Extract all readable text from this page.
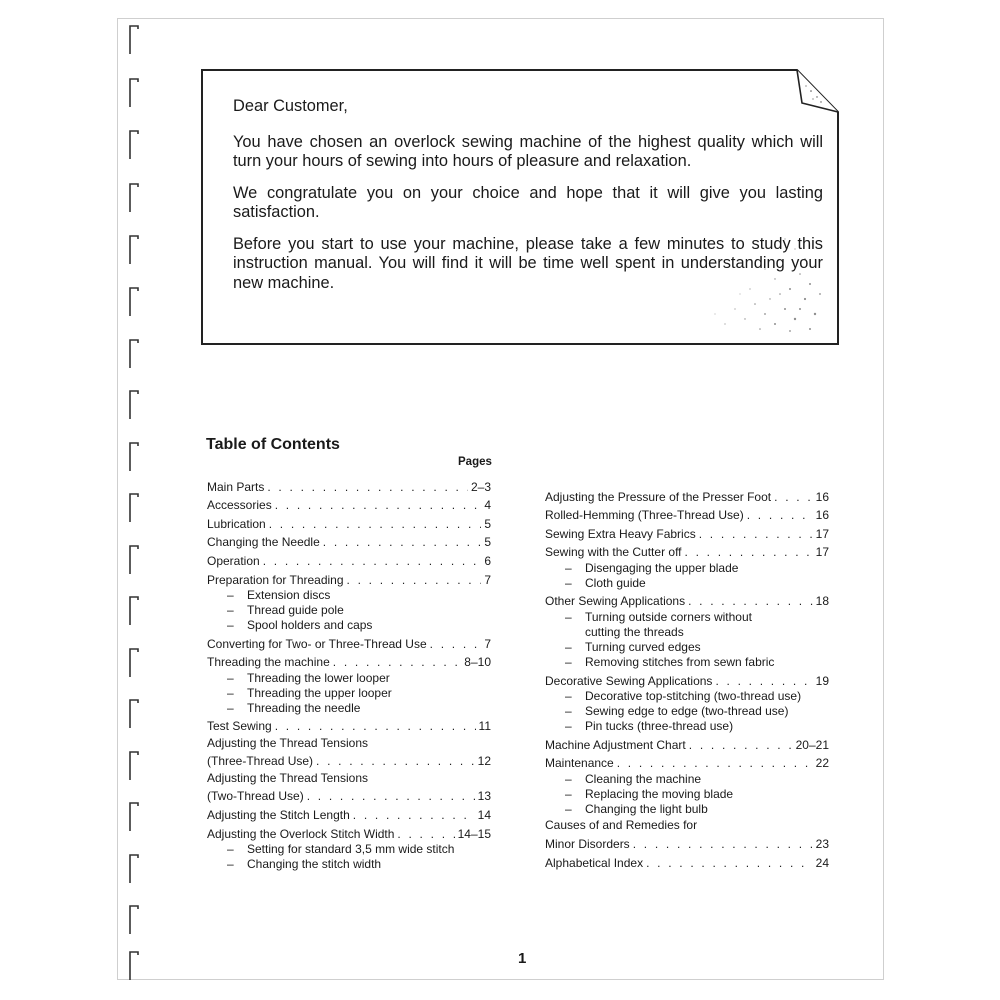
Dear Customer,

You have chosen an overlock sewing machine of the highest quality which will turn your hours of sewing into hours of pleasure and relaxation.

We congratulate you on your choice and hope that it will give you lasting satisfaction.

Before you start to use your machine, please take a few minutes to study this instruction manual. You will find it will be time well spent in understanding your new machine.

Table of Contents
Pages
Main Parts . . .	2–3
Accessories . . .	4
Lubrication . . .	5
Changing the Needle . . .	5
Operation . . .	6
Preparation for Threading . . .	7
–	Extension discs
–	Thread guide pole
–	Spool holders and caps
Converting for Two- or Three-Thread Use . . .	7
Threading the machine . . .	8–10
–	Threading the lower looper
–	Threading the upper looper
–	Threading the needle
Test Sewing . . .	11
Adjusting the Thread Tensions
(Three-Thread Use) . . .	12
Adjusting the Thread Tensions
(Two-Thread Use) . . .	13
Adjusting the Stitch Length . . .	14
Adjusting the Overlock Stitch Width . . .	14–15
–	Setting for standard 3,5 mm wide stitch
–	Changing the stitch width
Adjusting the Pressure of the Presser Foot . . .	16
Rolled-Hemming (Three-Thread Use) . . .	16
Sewing Extra Heavy Fabrics . . .	17
Sewing with the Cutter off . . .	17
–	Disengaging the upper blade
–	Cloth guide
Other Sewing Applications . . .	18
–	Turning outside corners without
cutting the threads
–	Turning curved edges
–	Removing stitches from sewn fabric
Decorative Sewing Applications . . .	19
–	Decorative top-stitching (two-thread use)
–	Sewing edge to edge (two-thread use)
–	Pin tucks (three-thread use)
Machine Adjustment Chart . . .	20–21
Maintenance . . .	22
–	Cleaning the machine
–	Replacing the moving blade
–	Changing the light bulb
Causes of and Remedies for
Minor Disorders . . .	23
Alphabetical Index . . .	24
1
